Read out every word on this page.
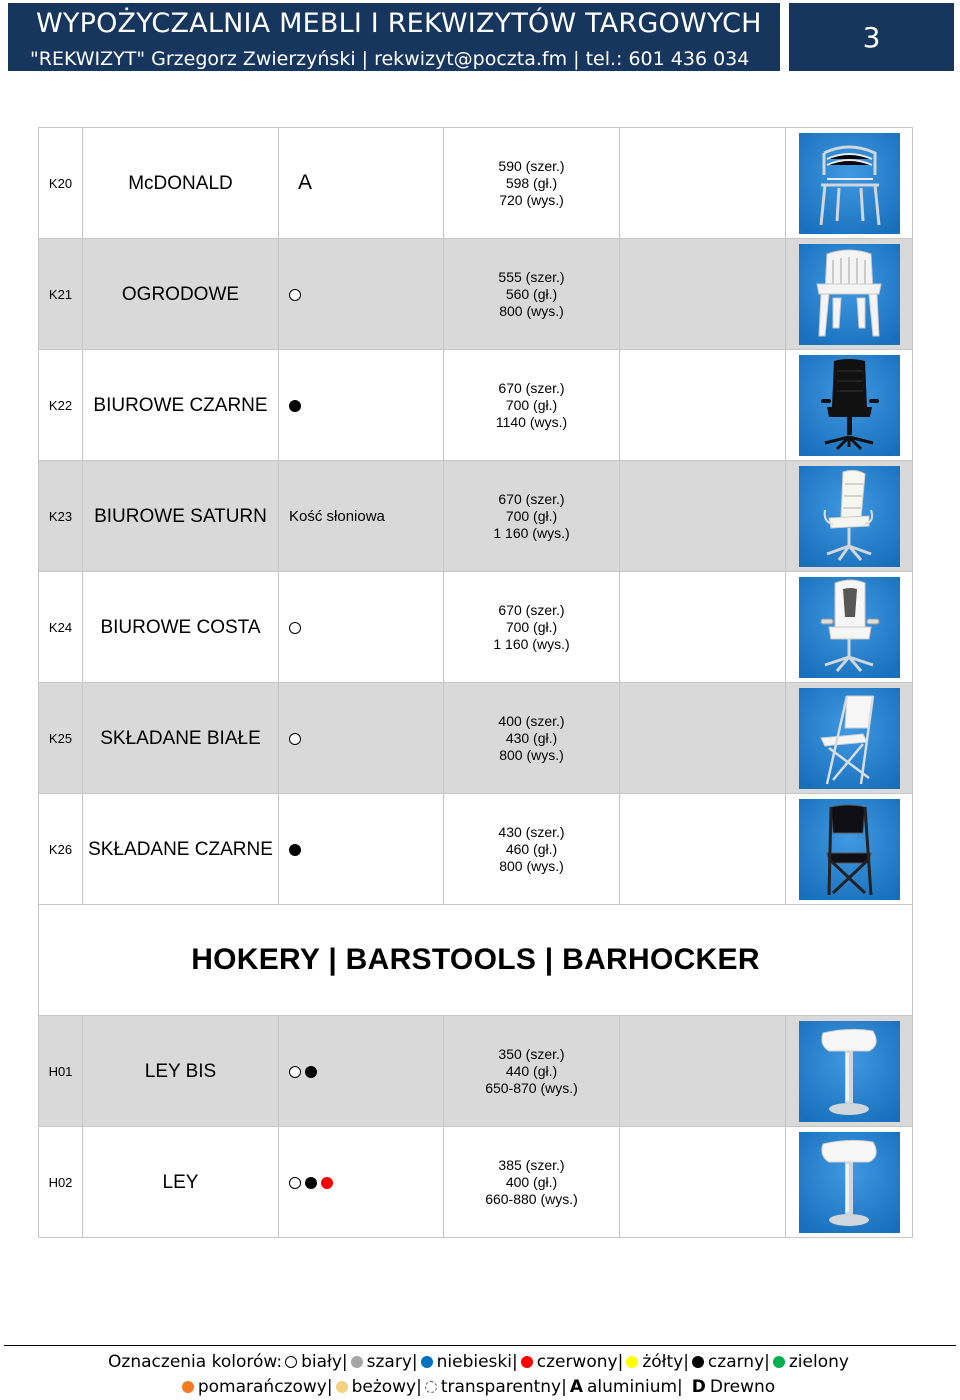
WYPOŻYCZALNIA MEBLI I REKWIZYTÓW TARGOWYCH
"REKWIZYT" Grzegorz Zwierzyński | rekwizyt@poczta.fm | tel.: 601 436 034
3
K20	McDONALD	A	590 (szer.)
598 (gł.)
720 (wys.)

K21	OGRODOWE		555 (szer.)
560 (gł.)
800 (wys.)

K22	BIUROWE CZARNE		670 (szer.)
700 (gł.)
1140 (wys.)

K23	BIUROWE SATURN	Kość słoniowa	670 (szer.)
700 (gł.)
1 160 (wys.)

K24	BIUROWE COSTA		670 (szer.)
700 (gł.)
1 160 (wys.)

K25	SKŁADANE BIAŁE		400 (szer.)
430 (gł.)
800 (wys.)

K26	SKŁADANE CZARNE		430 (szer.)
460 (gł.)
800 (wys.)

HOKERY | BARSTOOLS | BARHOCKER					
H01	LEY BIS		350 (szer.)
440 (gł.)
650-870 (wys.)

H02	LEY		385 (szer.)
400 (gł.)
660-880 (wys.)

Oznaczenia kolorów: biały| szary| niebieski| czerwony| żółty| czarny| zielony
pomarańczowy| beżowy| transparentny| A aluminium| D Drewno
